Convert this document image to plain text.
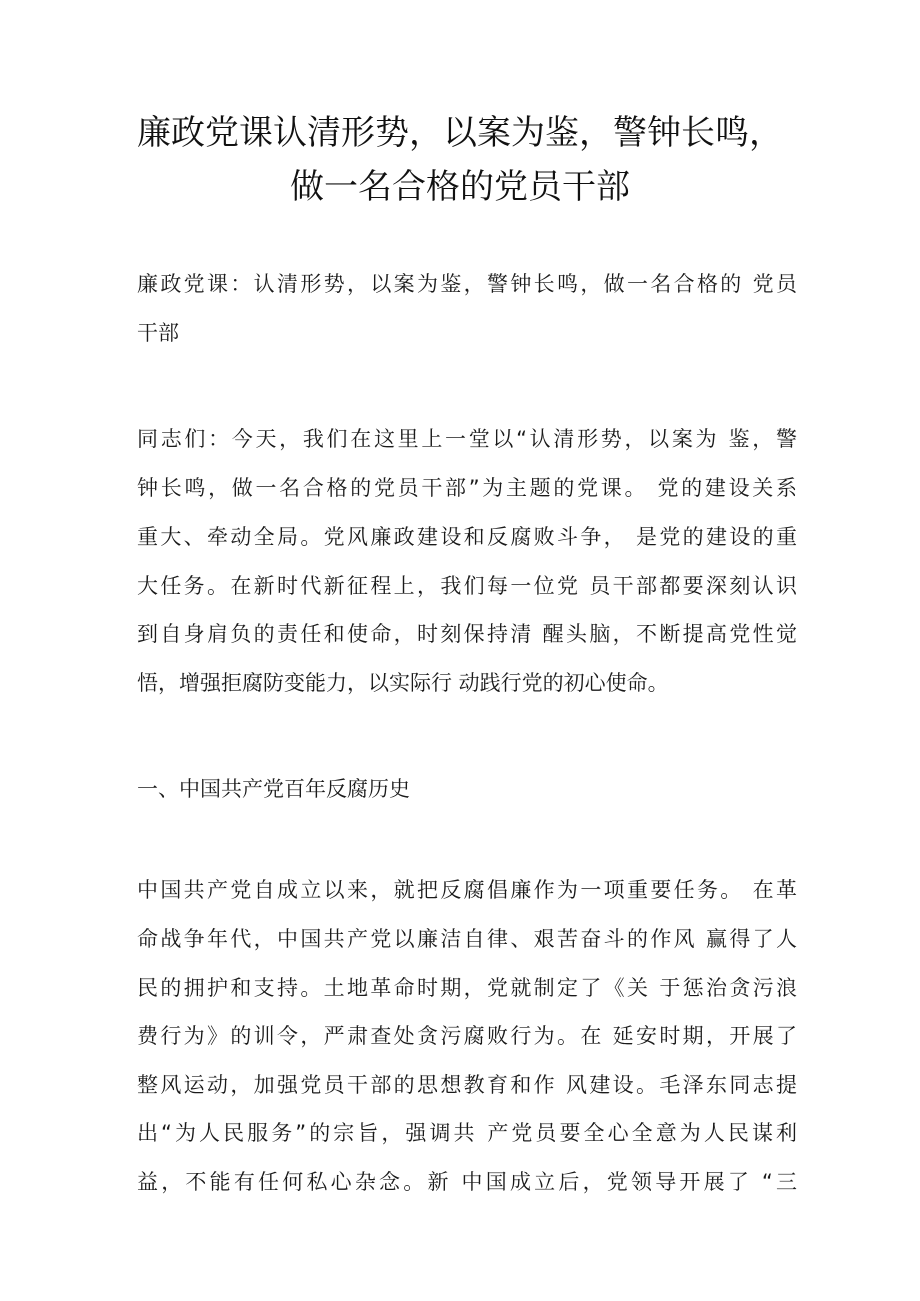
廉政党课认清形势，以案为鉴，警钟长鸣，
做一名合格的党员干部
廉政党课：认清形势，以案为鉴，警钟长鸣，做一名合格的 党员
干部
同志们：今天，我们在这里上一堂以“认清形势，以案为 鉴，警
钟长鸣，做一名合格的党员干部”为主题的党课。 党的建设关系
重大、牵动全局。党风廉政建设和反腐败斗争， 是党的建设的重
大任务。在新时代新征程上，我们每一位党 员干部都要深刻认识
到自身肩负的责任和使命，时刻保持清 醒头脑，不断提高党性觉
悟，增强拒腐防变能力，以实际行 动践行党的初心使命。
一、中国共产党百年反腐历史
中国共产党自成立以来，就把反腐倡廉作为一项重要任务。 在革
命战争年代，中国共产党以廉洁自律、艰苦奋斗的作风 赢得了人
民的拥护和支持。土地革命时期，党就制定了《关 于惩治贪污浪
费行为》的训令，严肃查处贪污腐败行为。在 延安时期，开展了
整风运动，加强党员干部的思想教育和作 风建设。毛泽东同志提
出“为人民服务”的宗旨，强调共 产党员要全心全意为人民谋利
益，不能有任何私心杂念。新 中国成立后，党领导开展了 “三
